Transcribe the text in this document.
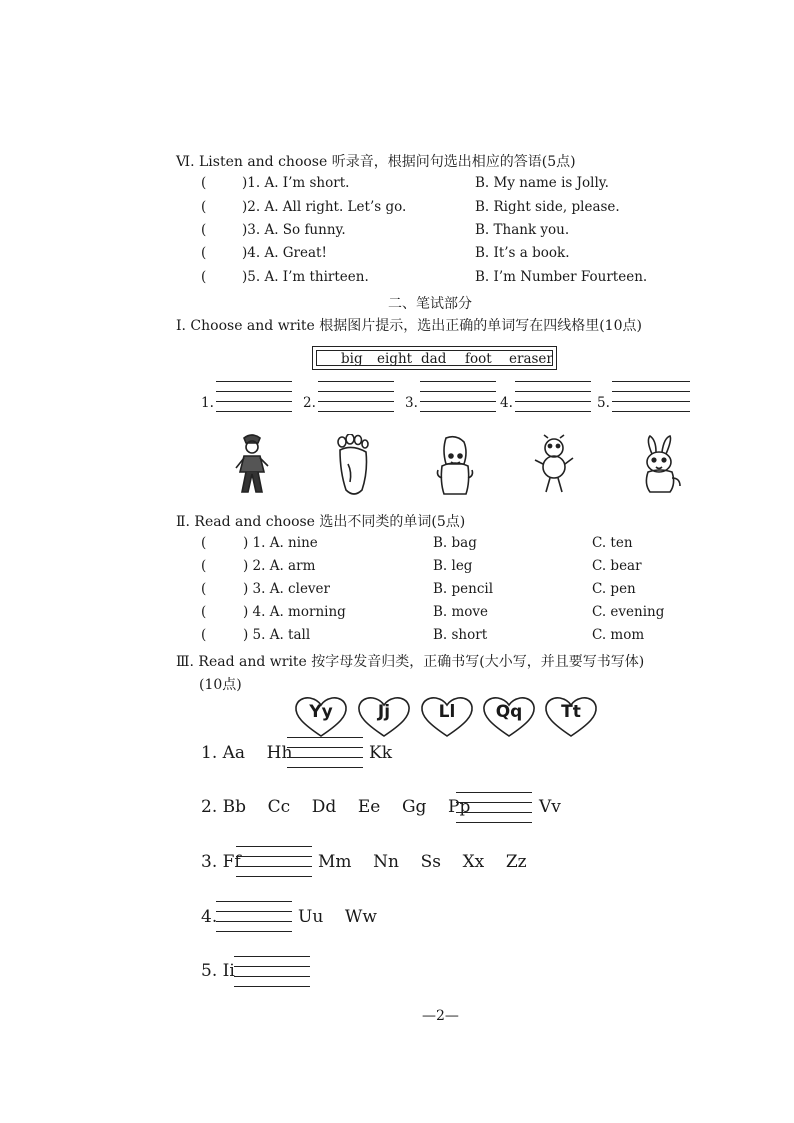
Ⅵ. Listen and choose 听录音，根据问句选出相应的答语(5点)
(	)1. A. I’m short.	B. My name is Jolly.
(	)2. A. All right. Let’s go.	B. Right side, please.
(	)3. A. So funny.	B. Thank you.
(	)4. A. Great!	B. It’s a book.
(	)5. A. I’m thirteen.	B. I’m Number Fourteen.
二、笔试部分
Ⅰ. Choose and write 根据图片提示，选出正确的单词写在四线格里(10点)
big eight dad foot eraser
1.	2.	3.	4.	5.
Ⅱ. Read and choose 选出不同类的单词(5点)
(	) 1. A. nine	B. bag	C. ten
(	) 2. A. arm	B. leg	C. bear
(	) 3. A. clever	B. pencil	C. pen
(	) 4. A. morning	B. move	C. evening
(	) 5. A. tall	B. short	C. mom
Ⅲ. Read and write 按字母发音归类，正确书写(大小写，并且要写书写体)
(10点)
Yy	Jj	Ll	Qq	Tt
1. Aa    Hh	Kk
2. Bb    Cc    Dd    Ee    Gg    Pp	Vv
3. Ff	Mm    Nn    Ss    Xx    Zz
4.	Uu    Ww
5. Ii
—2—
